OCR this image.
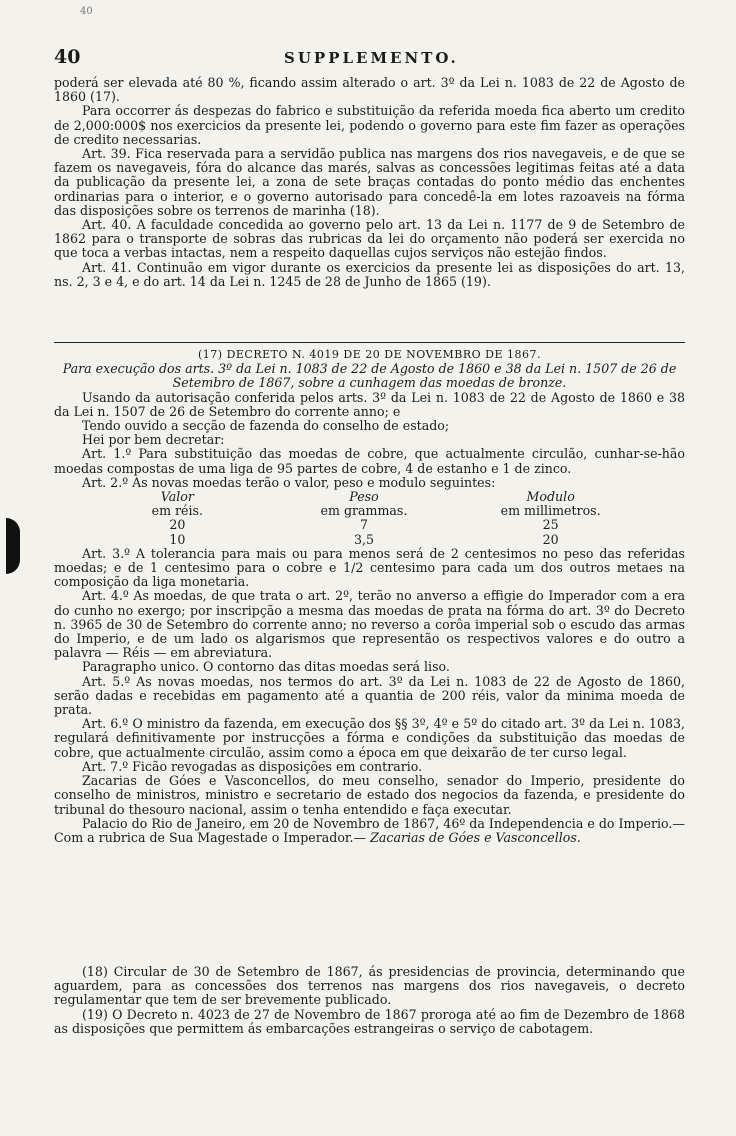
40
40	SUPPLEMENTO.

poderá ser elevada até 80 %, ficando assim alterado o art. 3º da Lei n. 1083 de 22 de Agosto de 1860 (17).

Para occorrer ás despezas do fabrico e substituição da referida moeda fica aberto um credito de 2,000:000$ nos exercicios da presente lei, podendo o governo para este fim fazer as operações de credito necessarias.

Art. 39. Fica reservada para a servidão publica nas margens dos rios navegaveis, e de que se fazem os navegaveis, fóra do alcance das marés, salvas as concessões legitimas feitas até a data da publicação da presente lei, a zona de sete braças contadas do ponto médio das enchentes ordinarias para o interior, e o governo autorisado para concedê-la em lotes razoaveis na fórma das disposições sobre os terrenos de marinha (18).

Art. 40. A faculdade concedida ao governo pelo art. 13 da Lei n. 1177 de 9 de Setembro de 1862 para o transporte de sobras das rubricas da lei do orçamento não poderá ser exercida no que toca a verbas intactas, nem a respeito daquellas cujos serviços não estejão findos.

Art. 41. Continuão em vigor durante os exercicios da presente lei as disposições do art. 13, ns. 2, 3 e 4, e do art. 14 da Lei n. 1245 de 28 de Junho de 1865 (19).

(17) DECRETO N. 4019 DE 20 DE NOVEMBRO DE 1867.

Para execução dos arts. 3º da Lei n. 1083 de 22 de Agosto de 1860 e 38 da Lei n. 1507 de 26 de Setembro de 1867, sobre a cunhagem das moedas de bronze.

Usando da autorisação conferida pelos arts. 3º da Lei n. 1083 de 22 de Agosto de 1860 e 38 da Lei n. 1507 de 26 de Setembro do corrente anno; e

Tendo ouvido a secção de fazenda do conselho de estado;

Hei por bem decretar:

Art. 1.º Para substituição das moedas de cobre, que actualmente circulão, cunhar-se-hão moedas compostas de uma liga de 95 partes de cobre, 4 de estanho e 1 de zinco.

Art. 2.º As novas moedas terão o valor, peso e modulo seguintes:

Valor	Peso	Modulo
em réis.	em grammas.	em millimetros.
20	7	25
10	3,5	20

Art. 3.º A tolerancia para mais ou para menos será de 2 centesimos no peso das referidas moedas; e de 1 centesimo para o cobre e 1/2 centesimo para cada um dos outros metaes na composição da liga monetaria.

Art. 4.º As moedas, de que trata o art. 2º, terão no anverso a effigie do Imperador com a era do cunho no exergo; por inscripção a mesma das moedas de prata na fórma do art. 3º do Decreto n. 3965 de 30 de Setembro do corrente anno; no reverso a corôa imperial sob o escudo das armas do Imperio, e de um lado os algarismos que representão os respectivos valores e do outro a palavra — Réis — em abreviatura.

Paragrapho unico. O contorno das ditas moedas será liso.

Art. 5.º As novas moedas, nos termos do art. 3º da Lei n. 1083 de 22 de Agosto de 1860, serão dadas e recebidas em pagamento até a quantia de 200 réis, valor da minima moeda de prata.

Art. 6.º O ministro da fazenda, em execução dos §§ 3º, 4º e 5º do citado art. 3º da Lei n. 1083, regulará definitivamente por instrucções a fórma e condições da substituição das moedas de cobre, que actualmente circulão, assim como a época em que deixarão de ter curso legal.

Art. 7.º Ficão revogadas as disposições em contrario.

Zacarias de Góes e Vasconcellos, do meu conselho, senador do Imperio, presidente do conselho de ministros, ministro e secretario de estado dos negocios da fazenda, e presidente do tribunal do thesouro nacional, assim o tenha entendido e faça executar.

Palacio do Rio de Janeiro, em 20 de Novembro de 1867, 46º da Independencia e do Imperio.—Com a rubrica de Sua Magestade o Imperador.— Zacarias de Góes e Vasconcellos.

(18) Circular de 30 de Setembro de 1867, ás presidencias de provincia, determinando que aguardem, para as concessões dos terrenos nas margens dos rios navegaveis, o decreto regulamentar que tem de ser brevemente publicado.

(19) O Decreto n. 4023 de 27 de Novembro de 1867 proroga até ao fim de Dezembro de 1868 as disposições que permittem ás embarcações estrangeiras o serviço de cabotagem.
